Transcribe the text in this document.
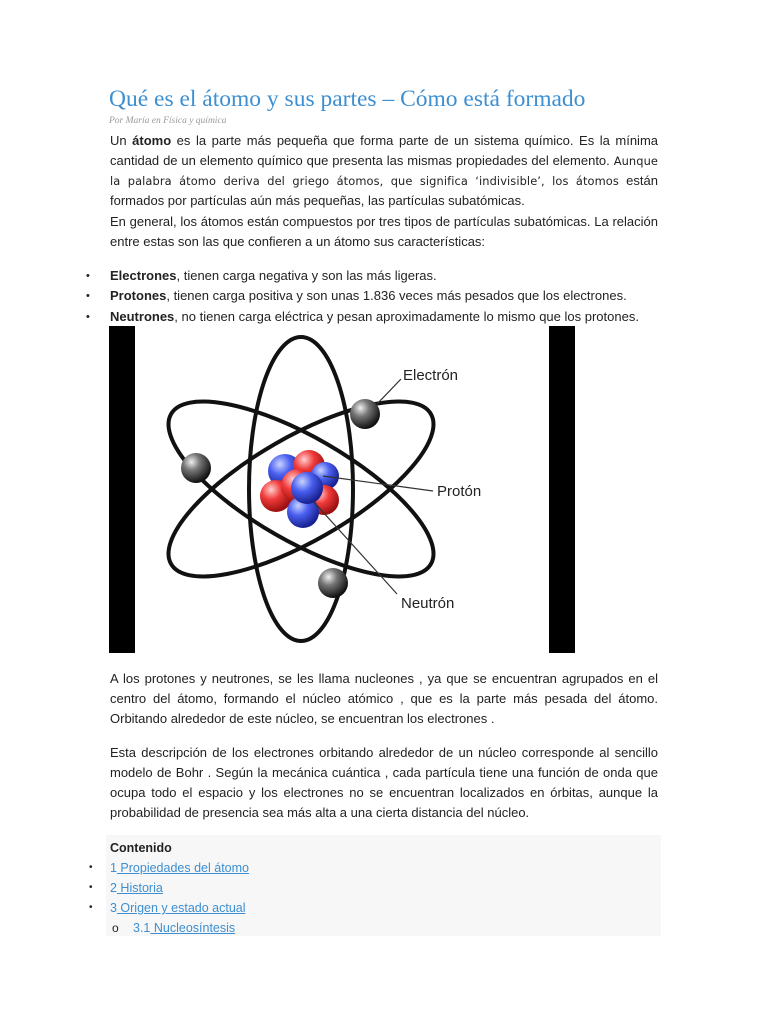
Qué es el átomo y sus partes – Cómo está formado
Por María en Física y química
Un átomo es la parte más pequeña que forma parte de un sistema químico. Es la mínima cantidad de un elemento químico que presenta las mismas propiedades del elemento. Aunque la palabra átomo deriva del griego átomos, que significa ‘indivisible’, los átomos están formados por partículas aún más pequeñas, las partículas subatómicas.
En general, los átomos están compuestos por tres tipos de partículas subatómicas. La relación entre estas son las que confieren a un átomo sus características:
• Electrones, tienen carga negativa y son las más ligeras.
• Protones, tienen carga positiva y son unas 1.836 veces más pesados que los electrones.
• Neutrones, no tienen carga eléctrica y pesan aproximadamente lo mismo que los protones.
Electrón
Protón
Neutrón
A los protones y neutrones, se les llama nucleones , ya que se encuentran agrupados en el centro del átomo, formando el núcleo atómico , que es la parte más pesada del átomo. Orbitando alrededor de este núcleo, se encuentran los electrones .
Esta descripción de los electrones orbitando alrededor de un núcleo corresponde al sencillo modelo de Bohr . Según la mecánica cuántica , cada partícula tiene una función de onda que ocupa todo el espacio y los electrones no se encuentran localizados en órbitas, aunque la probabilidad de presencia sea más alta a una cierta distancia del núcleo.
Contenido
• 1 Propiedades del átomo
• 2 Historia
• 3 Origen y estado actual
o 3.1 Nucleosíntesis
